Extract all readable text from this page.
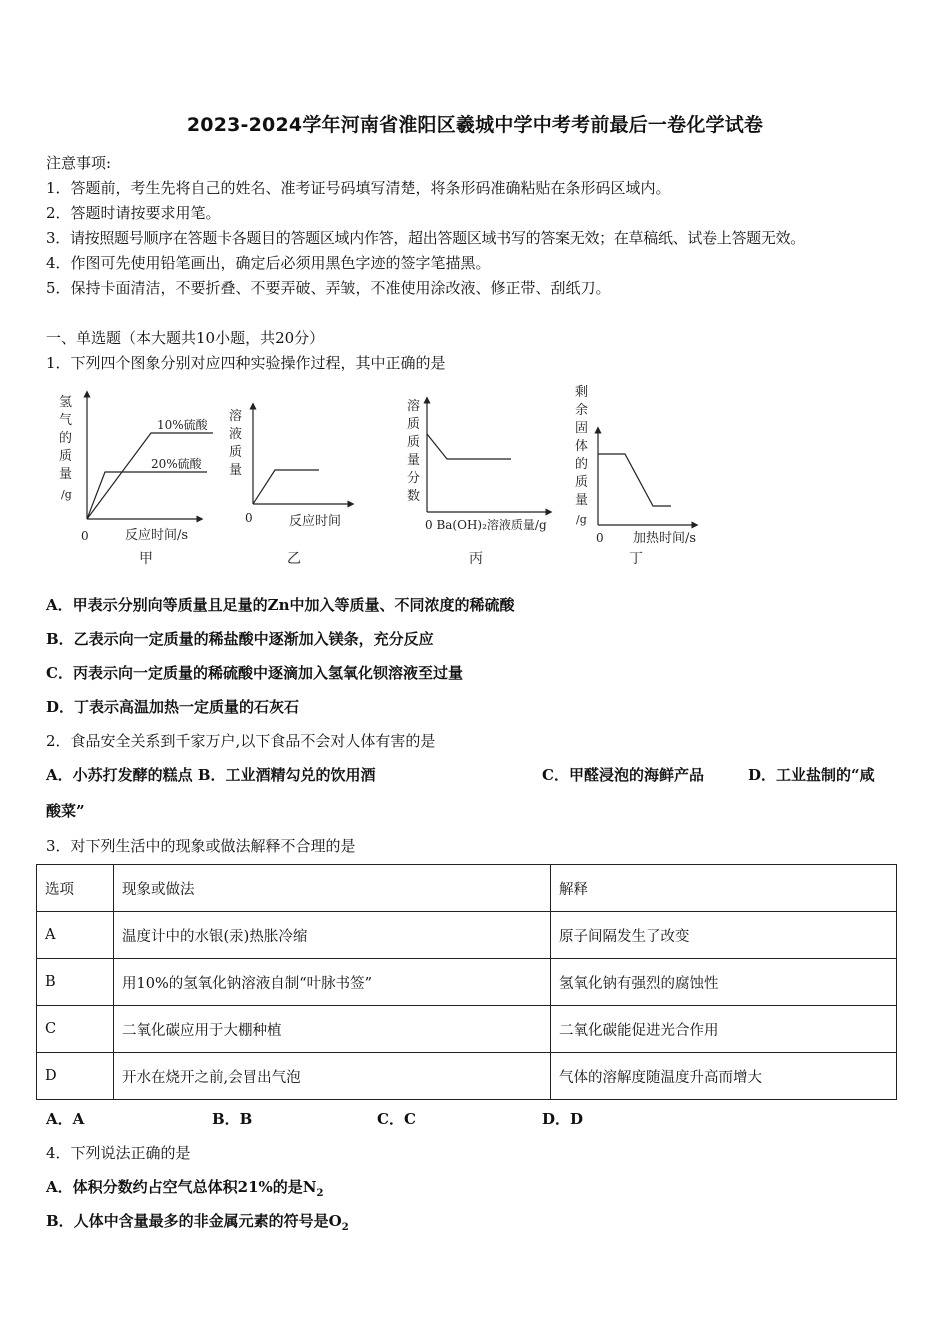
2023-2024学年河南省淮阳区羲城中学中考考前最后一卷化学试卷
注意事项:
1．答题前，考生先将自己的姓名、准考证号码填写清楚，将条形码准确粘贴在条形码区域内。
2．答题时请按要求用笔。
3．请按照题号顺序在答题卡各题目的答题区域内作答，超出答题区域书写的答案无效；在草稿纸、试卷上答题无效。
4．作图可先使用铅笔画出，确定后必须用黑色字迹的签字笔描黑。
5．保持卡面清洁，不要折叠、不要弄破、弄皱，不准使用涂改液、修正带、刮纸刀。
一、单选题（本大题共10小题，共20分）
1．下列四个图象分别对应四种实验操作过程，其中正确的是
氢
气
的
质
量
/g
10%硫酸
20%硫酸
0	反应时间/s
甲
溶
液
质
量
0	反应时间
乙
溶
质
质
量
分
数
0 Ba(OH)₂溶液质量/g
丙
剩
余
固
体
的
质
量
/g
0 加热时间/s
丁
A．甲表示分别向等质量且足量的Zn中加入等质量、不同浓度的稀硫酸
B．乙表示向一定质量的稀盐酸中逐渐加入镁条，充分反应
C．丙表示向一定质量的稀硫酸中逐滴加入氢氧化钡溶液至过量
D．丁表示高温加热一定质量的石灰石
2．食品安全关系到千家万户,以下食品不会对人体有害的是
A．小苏打发酵的糕点 B．工业酒精勾兑的饮用酒	C．甲醛浸泡的海鲜产品	D．工业盐制的“咸
酸菜”
3．对下列生活中的现象或做法解释不合理的是
选项	现象或做法	解释
A	温度计中的水银(汞)热胀冷缩	原子间隔发生了改变
B	用10%的氢氧化钠溶液自制“叶脉书签”	氢氧化钠有强烈的腐蚀性
C	二氧化碳应用于大棚种植	二氧化碳能促进光合作用
D	开水在烧开之前,会冒出气泡	气体的溶解度随温度升高而增大
A．A	B．B	C．C	D．D
4．下列说法正确的是
A．体积分数约占空气总体积21%的是$N_2$
B．人体中含量最多的非金属元素的符号是$O_2$
